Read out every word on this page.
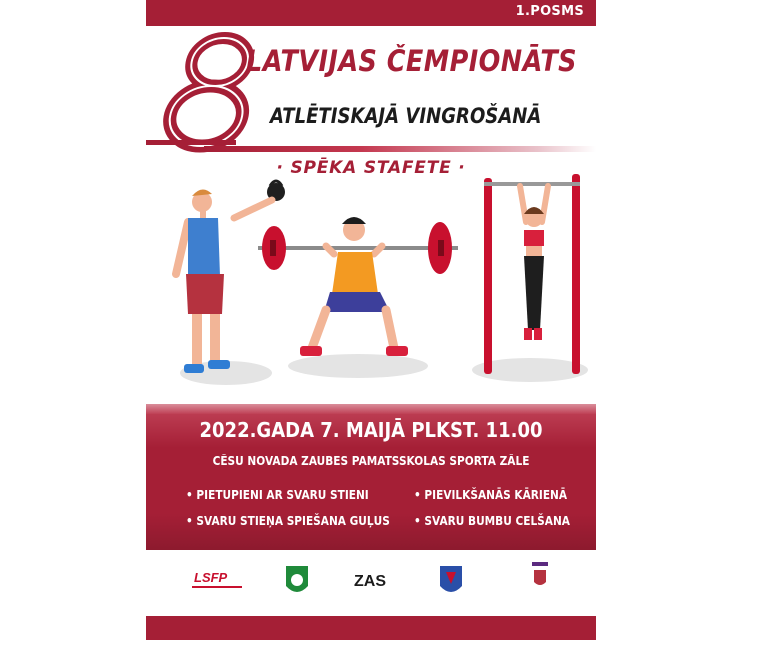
1.POSMS
LATVIJAS ČEMPIONĀTS
ATLĒTISKAJĀ VINGROŠANĀ
· SPĒKA STAFETE ·
2022.GADA 7. MAIJĀ PLKST. 11.00
CĒSU NOVADA ZAUBES PAMATSSKOLAS SPORTA ZĀLE
• PIETUPIENI AR SVARU STIENI
• SVARU STIEŅA SPIEŠANA GUĻUS
• PIEVILKŠANĀS KĀRIENĀ
• SVARU BUMBU CELŠANA
LSFP	ZAS
